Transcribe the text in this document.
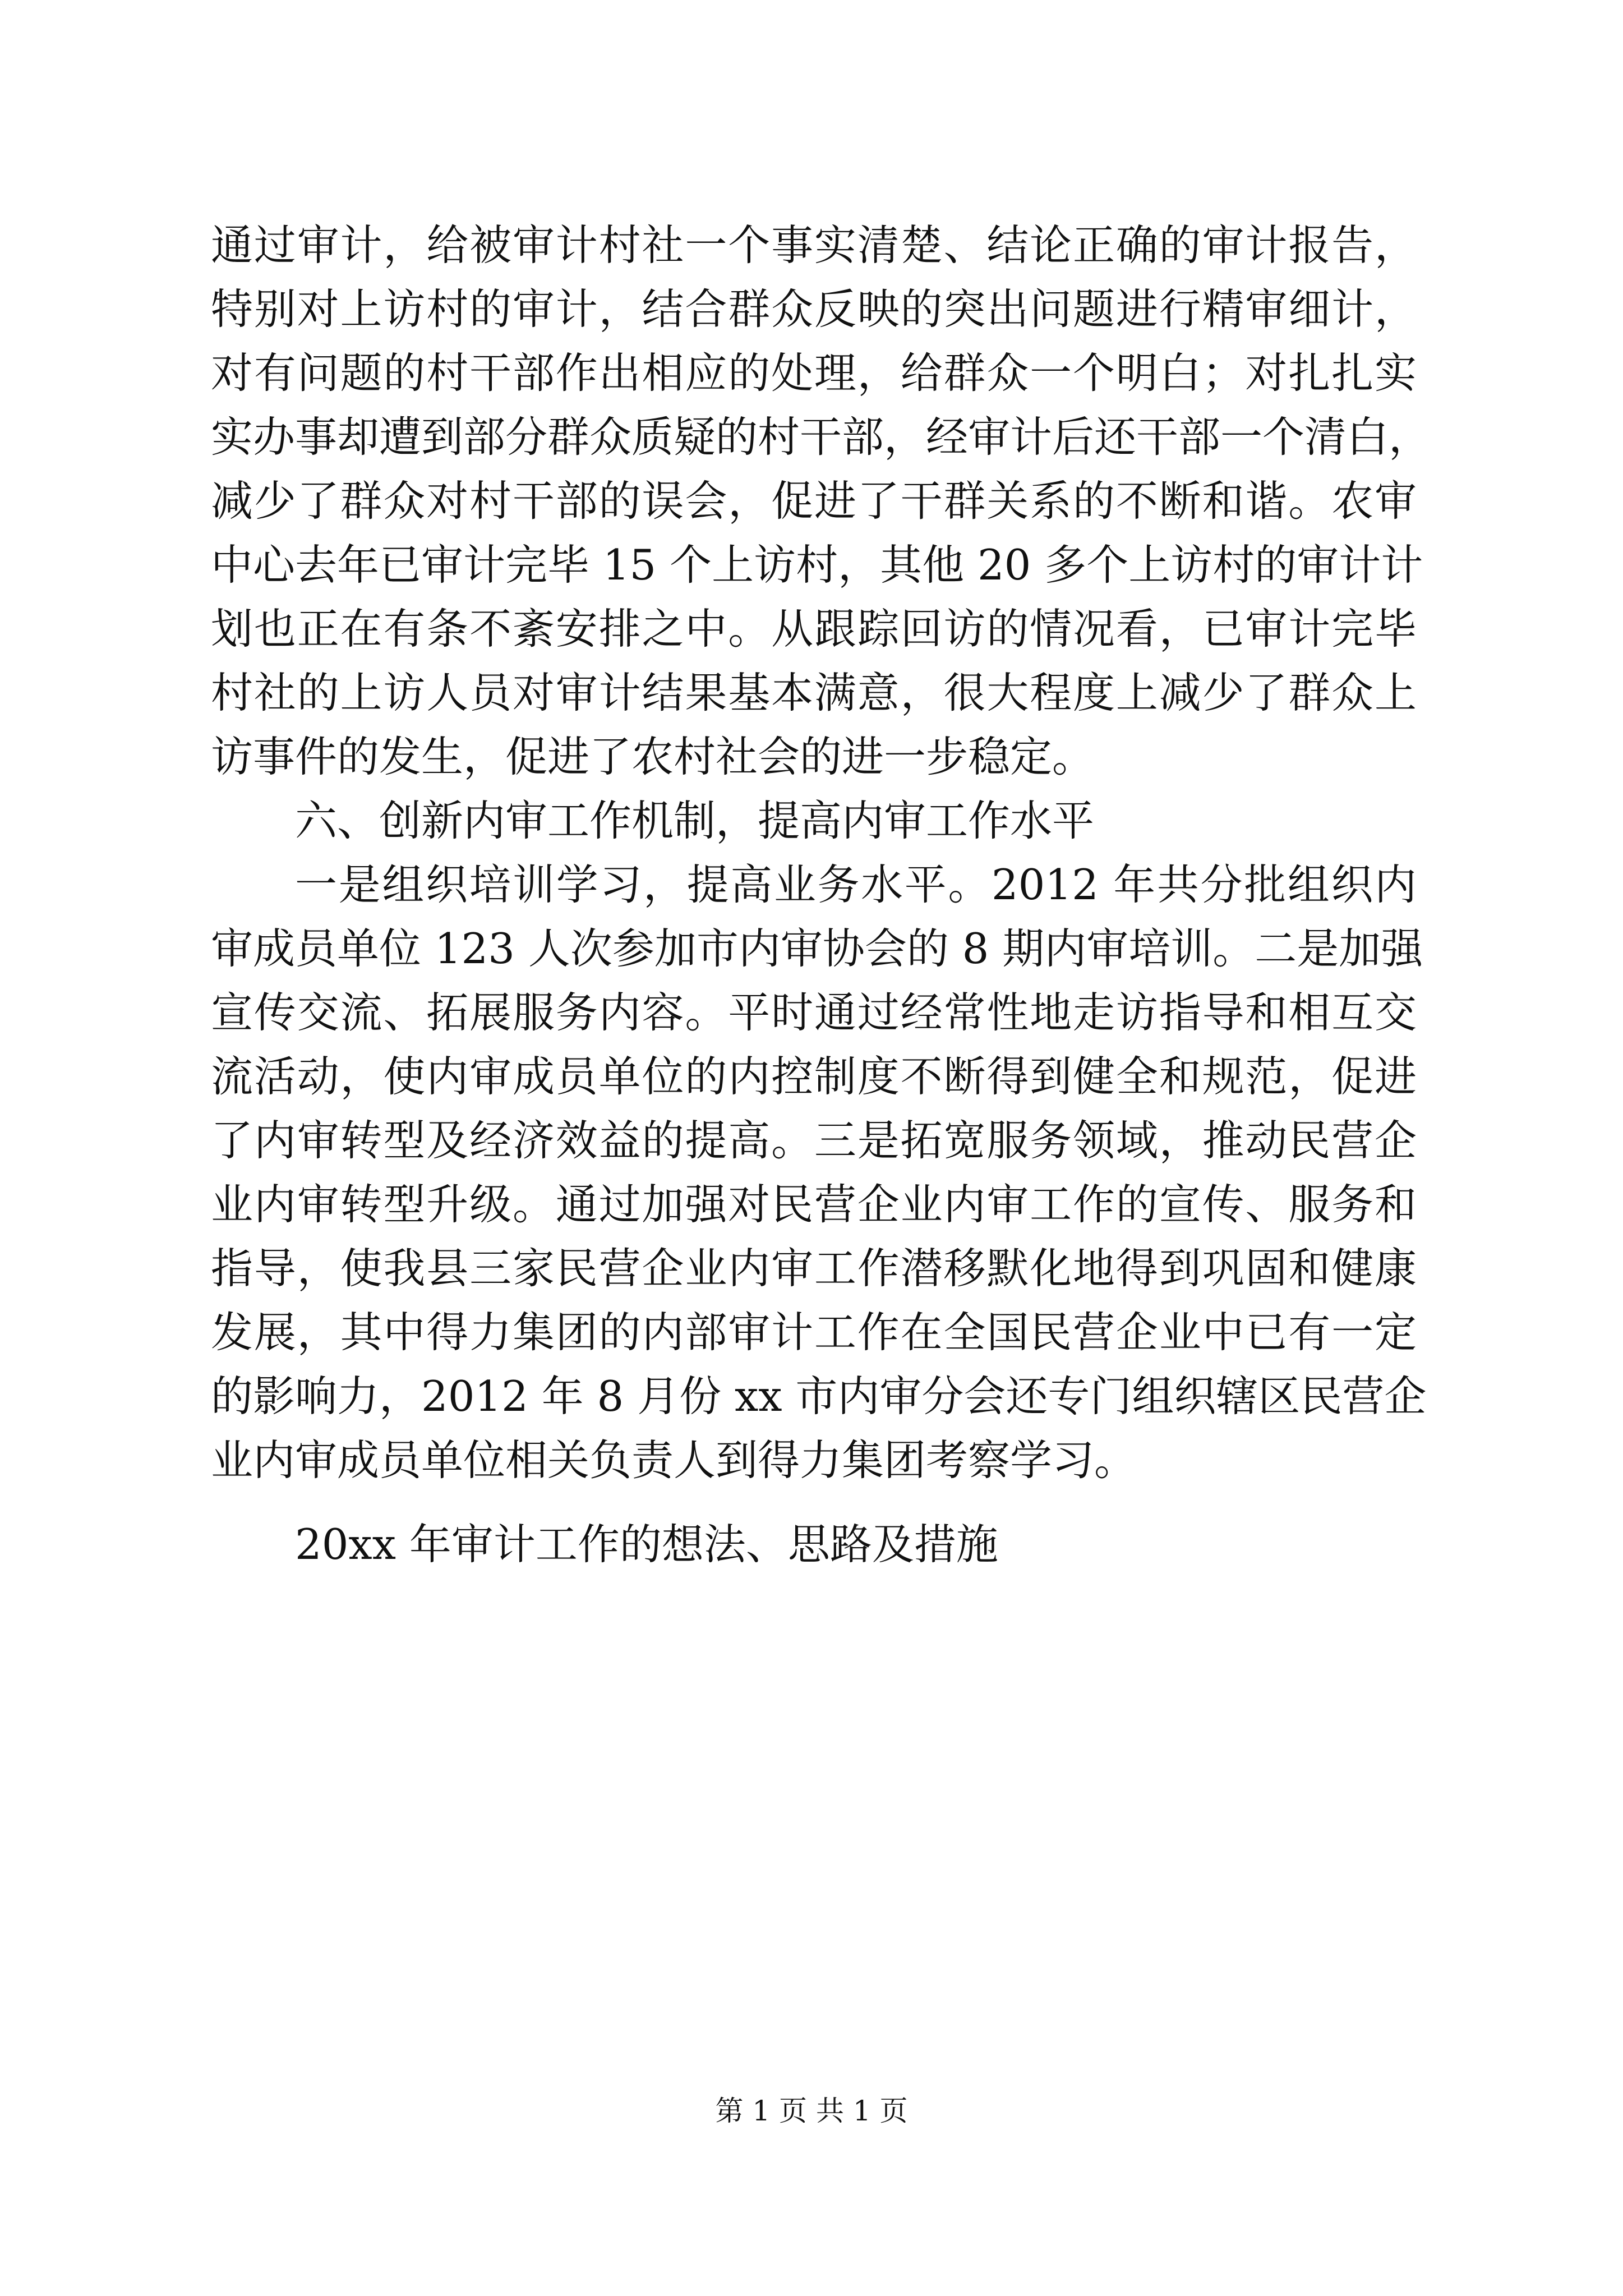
通过审计，给被审计村社一个事实清楚、结论正确的审计报告，
特别对上访村的审计，结合群众反映的突出问题进行精审细计，
对有问题的村干部作出相应的处理，给群众一个明白；对扎扎实
实办事却遭到部分群众质疑的村干部，经审计后还干部一个清白，
减少了群众对村干部的误会，促进了干群关系的不断和谐。农审
中心去年已审计完毕 15 个上访村，其他 20 多个上访村的审计计
划也正在有条不紊安排之中。从跟踪回访的情况看，已审计完毕
村社的上访人员对审计结果基本满意，很大程度上减少了群众上
访事件的发生，促进了农村社会的进一步稳定。
六、创新内审工作机制，提高内审工作水平
一是组织培训学习，提高业务水平。2012 年共分批组织内
审成员单位 123 人次参加市内审协会的 8 期内审培训。二是加强
宣传交流、拓展服务内容。平时通过经常性地走访指导和相互交
流活动，使内审成员单位的内控制度不断得到健全和规范，促进
了内审转型及经济效益的提高。三是拓宽服务领域，推动民营企
业内审转型升级。通过加强对民营企业内审工作的宣传、服务和
指导，使我县三家民营企业内审工作潜移默化地得到巩固和健康
发展，其中得力集团的内部审计工作在全国民营企业中已有一定
的影响力，2012 年 8 月份 xx 市内审分会还专门组织辖区民营企
业内审成员单位相关负责人到得力集团考察学习。
20xx 年审计工作的想法、思路及措施
第 1 页 共 1 页
